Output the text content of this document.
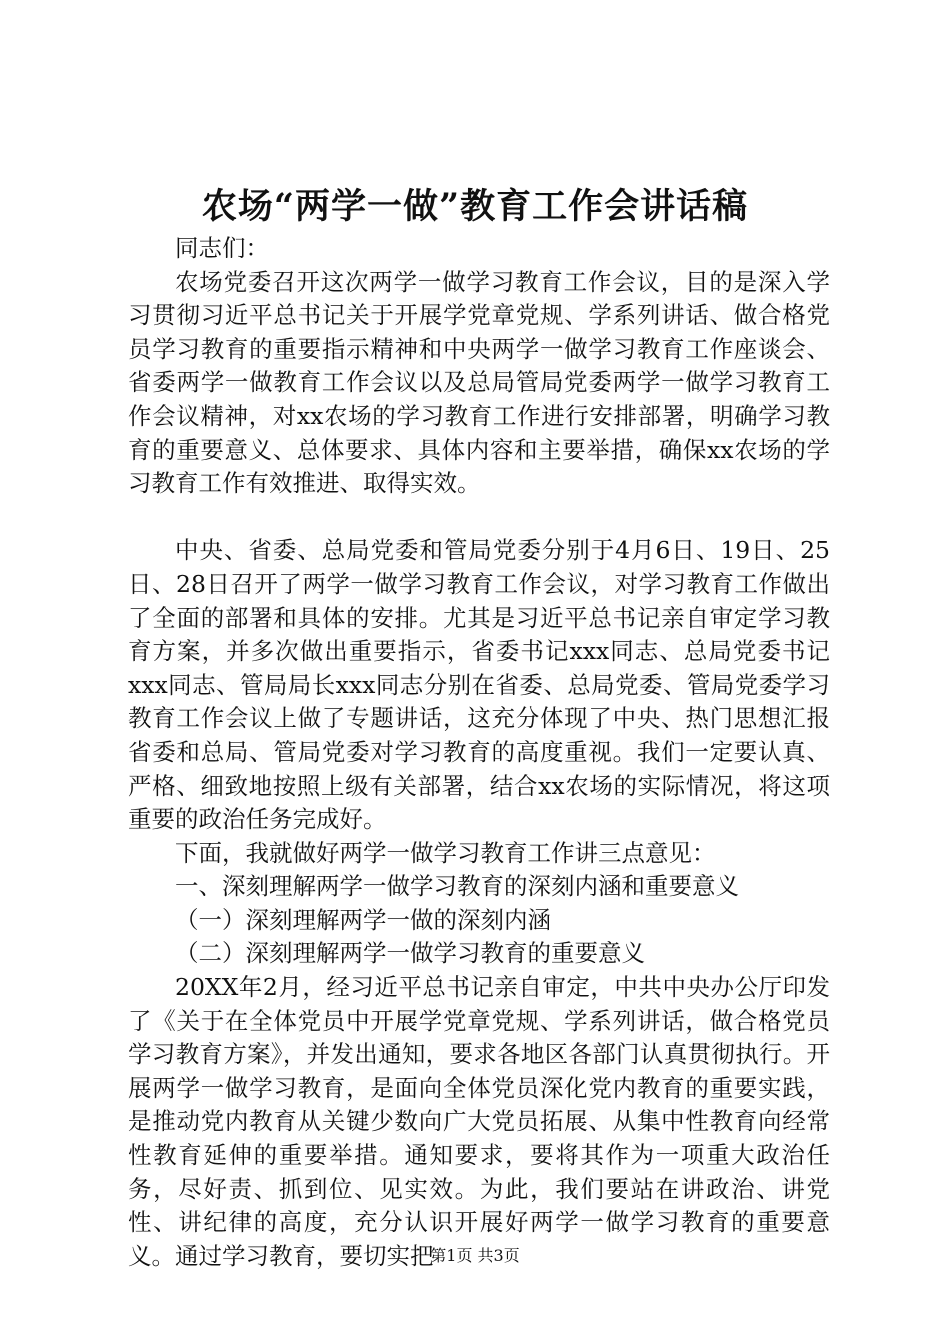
农场“两学一做”教育工作会讲话稿

同志们：

农场党委召开这次两学一做学习教育工作会议，目的是深入学习贯彻习近平总书记关于开展学党章党规、学系列讲话、做合格党员学习教育的重要指示精神和中央两学一做学习教育工作座谈会、省委两学一做教育工作会议以及总局管局党委两学一做学习教育工作会议精神，对xx农场的学习教育工作进行安排部署，明确学习教育的重要意义、总体要求、具体内容和主要举措，确保xx农场的学习教育工作有效推进、取得实效。

中央、省委、总局党委和管局党委分别于4月6日、19日、25日、28日召开了两学一做学习教育工作会议，对学习教育工作做出了全面的部署和具体的安排。尤其是习近平总书记亲自审定学习教育方案，并多次做出重要指示，省委书记xxx同志、总局党委书记xxx同志、管局局长xxx同志分别在省委、总局党委、管局党委学习教育工作会议上做了专题讲话，这充分体现了中央、热门思想汇报省委和总局、管局党委对学习教育的高度重视。我们一定要认真、严格、细致地按照上级有关部署，结合xx农场的实际情况，将这项重要的政治任务完成好。

下面，我就做好两学一做学习教育工作讲三点意见：

一、深刻理解两学一做学习教育的深刻内涵和重要意义

（一）深刻理解两学一做的深刻内涵

（二）深刻理解两学一做学习教育的重要意义

20XX年2月，经习近平总书记亲自审定，中共中央办公厅印发了《关于在全体党员中开展学党章党规、学系列讲话，做合格党员学习教育方案》，并发出通知，要求各地区各部门认真贯彻执行。开展两学一做学习教育，是面向全体党员深化党内教育的重要实践，是推动党内教育从关键少数向广大党员拓展、从集中性教育向经常性教育延伸的重要举措。通知要求，要将其作为一项重大政治任务，尽好责、抓到位、见实效。为此，我们要站在讲政治、讲党性、讲纪律的高度，充分认识开展好两学一做学习教育的重要意义。通过学习教育，要切实把

第1页 共3页
